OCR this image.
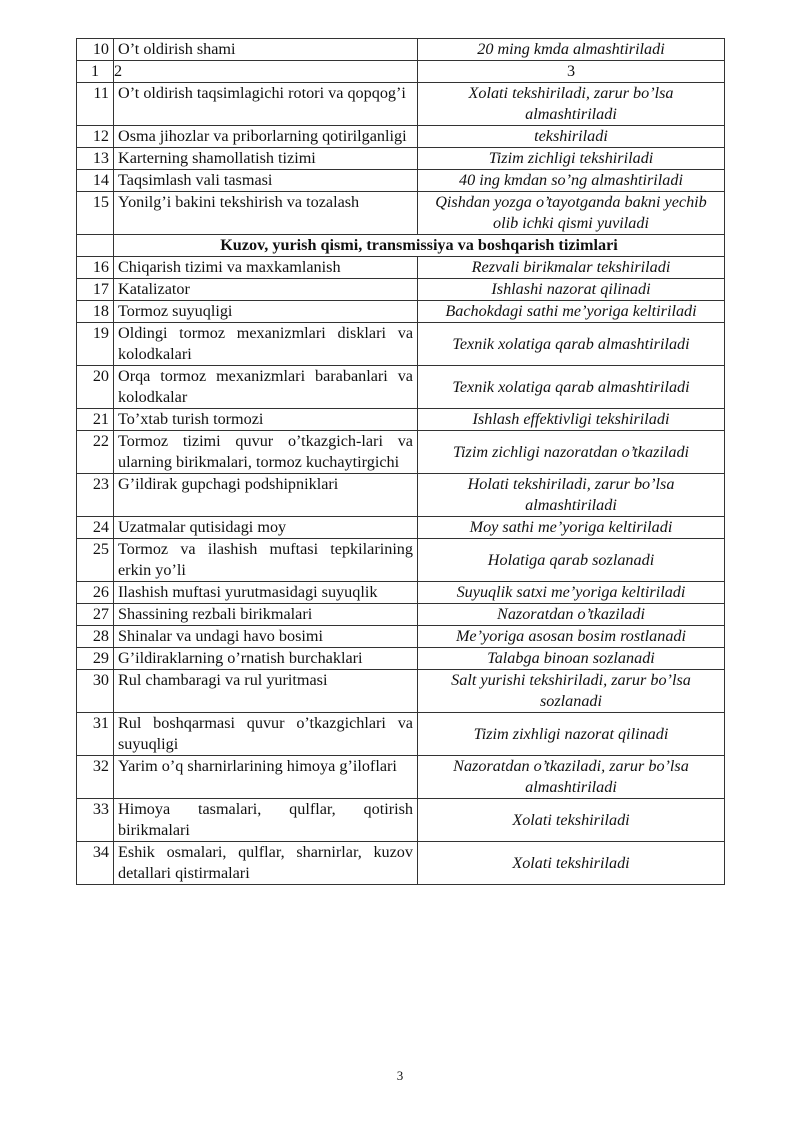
10	O’t oldirish shami	20 ming kmda almashtiriladi
1	2	3
11	O’t oldirish taqsimlagichi rotori va qopqog’i	Xolati tekshiriladi, zarur bo’lsa almashtiriladi
12	Osma jihozlar va priborlarning qotirilganligi	tekshiriladi
13	Karterning shamollatish tizimi	Tizim zichligi tekshiriladi
14	Taqsimlash vali tasmasi	40 ing kmdan so’ng almashtiriladi
15	Yonilg’i bakini tekshirish va tozalash	Qishdan yozga o’tayotganda bakni yechib olib ichki qismi yuviladi
	Kuzov, yurish qismi, transmissiya va boshqarish tizimlari	
16	Chiqarish tizimi va maxkamlanish	Rezvali birikmalar tekshiriladi
17	Katalizator	Ishlashi nazorat qilinadi
18	Tormoz suyuqligi	Bachokdagi sathi me’yoriga keltiriladi
19	Oldingi tormoz mexanizmlari disklari va kolodkalari	Texnik xolatiga qarab almashtiriladi
20	Orqa tormoz mexanizmlari barabanlari va kolodkalar	Texnik xolatiga qarab almashtiriladi
21	To’xtab turish tormozi	Ishlash effektivligi tekshiriladi
22	Tormoz tizimi quvur o’tkazgich-lari va ularning birikmalari, tormoz kuchaytirgichi	Tizim zichligi nazoratdan o’tkaziladi
23	G’ildirak gupchagi podshipniklari	Holati tekshiriladi, zarur bo’lsa almashtiriladi
24	Uzatmalar qutisidagi moy	Moy sathi me’yoriga keltiriladi
25	Tormoz va ilashish muftasi tepkilarining erkin yo’li	Holatiga qarab sozlanadi
26	Ilashish muftasi yurutmasidagi suyuqlik	Suyuqlik satxi me’yoriga keltiriladi
27	Shassining rezbali birikmalari	Nazoratdan o’tkaziladi
28	Shinalar va undagi havo bosimi	Me’yoriga asosan bosim rostlanadi
29	G’ildiraklarning o’rnatish burchaklari	Talabga binoan sozlanadi
30	Rul chambaragi va rul yuritmasi	Salt yurishi tekshiriladi, zarur bo’lsa sozlanadi
31	Rul boshqarmasi quvur o’tkazgichlari va suyuqligi	Tizim zixhligi nazorat qilinadi
32	Yarim o’q sharnirlarining himoya g’iloflari	Nazoratdan o’tkaziladi, zarur bo’lsa almashtiriladi
33	Himoya tasmalari, qulflar, qotirish birikmalari	Xolati tekshiriladi
34	Eshik osmalari, qulflar, sharnirlar, kuzov detallari qistirmalari	Xolati tekshiriladi
3
